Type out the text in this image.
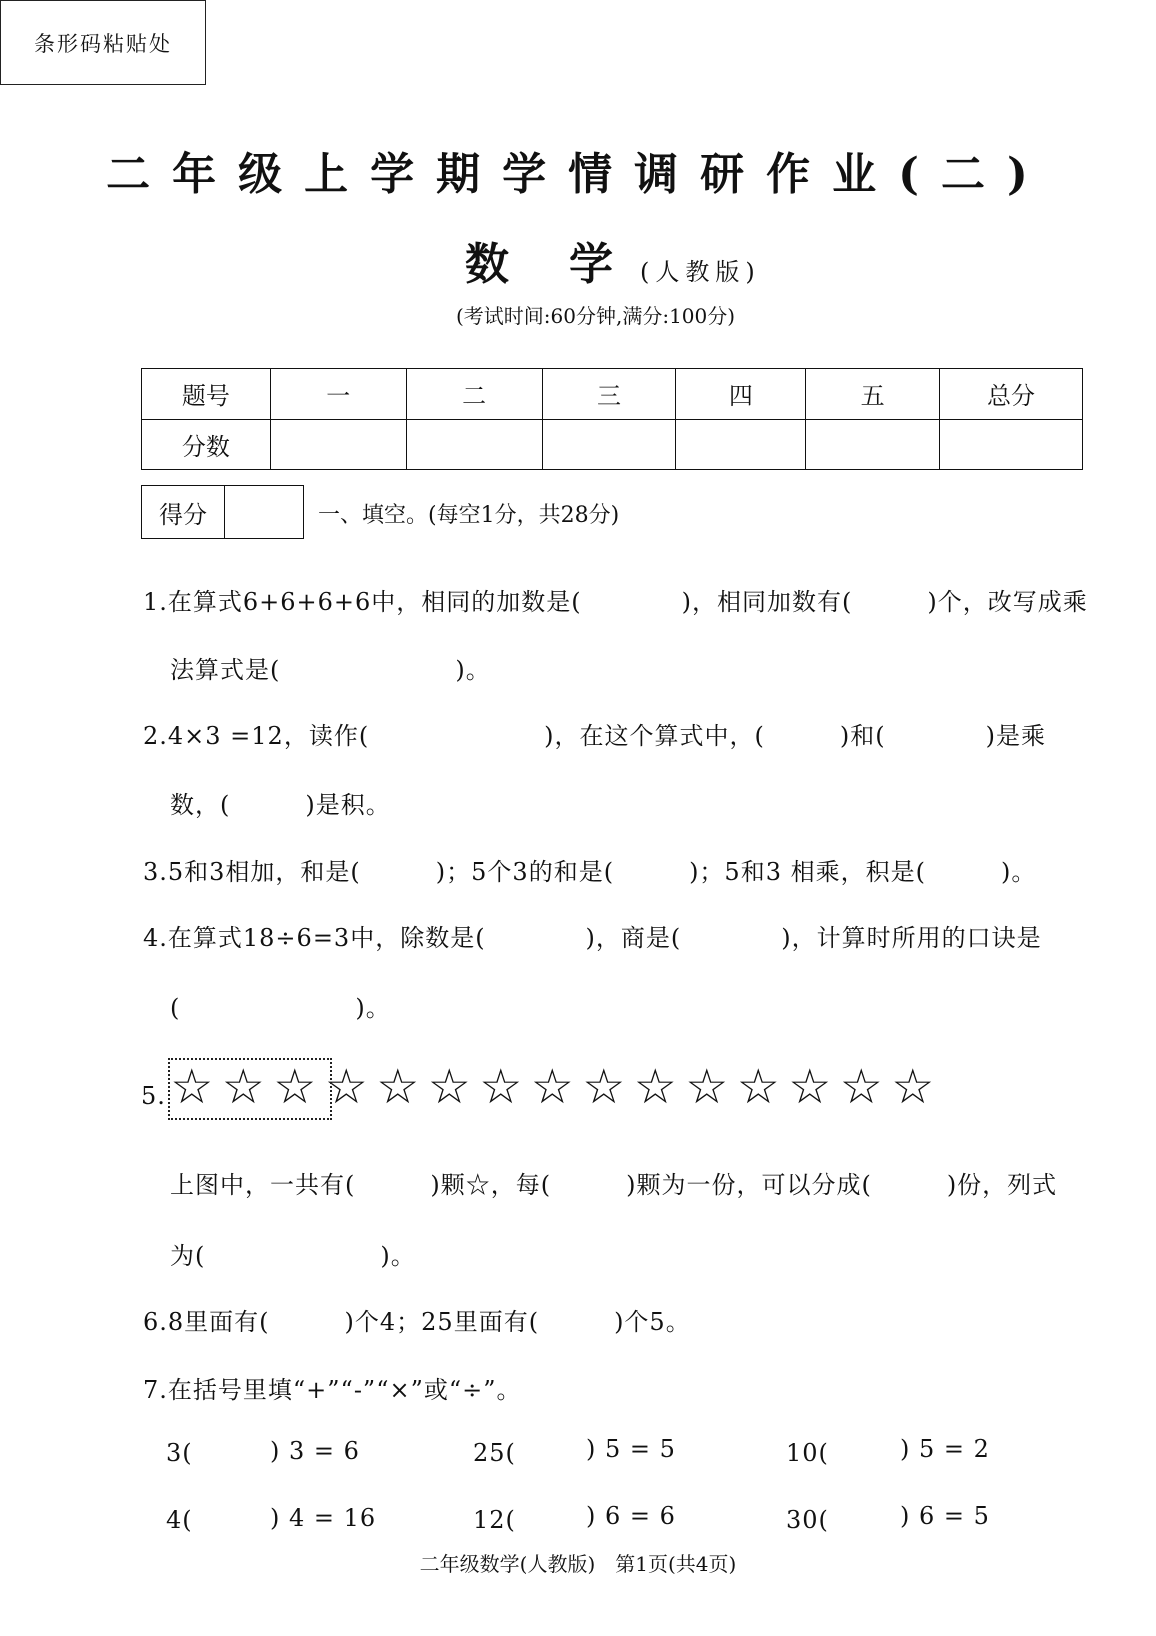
二年级上学期学情调研作业(二)
数学
(人教版)
(考试时间:60分钟,满分:100分)
条形码粘贴处
题号	一	二	三	四	五	总分
分数						
得分	一、填空。(每空1分，共28分)
1.在算式6+6+6+6中，相同的加数是(　　　　)，相同加数有(　　　)个，改写成乘
法算式是(　　　　　　　)。
2.4×3 =12，读作(　　　　　　　)，在这个算式中，(　　　)和(　　　　)是乘
数，(　　　)是积。
3.5和3相加，和是(　　　)；5个3的和是(　　　)；5和3 相乘，积是(　　　)。
4.在算式18÷6=3中，除数是(　　　　)，商是(　　　　)，计算时所用的口诀是
(　　　　　　　)。
5. ☆ ☆ ☆ ☆ ☆ ☆ ☆ ☆ ☆ ☆ ☆ ☆ ☆ ☆ ☆
上图中，一共有(　　　)颗☆，每(　　　)颗为一份，可以分成(　　　)份，列式
为(　　　　　　　)。
6.8里面有(　　　)个4；25里面有(　　　)个5。
7.在括号里填“+”“-”“×”或“÷”。
3(	) 3 = 6	25(	) 5 = 5	10(	) 5 = 2
4(	) 4 = 16	12(	) 6 = 6	30(	) 6 = 5
二年级数学(人教版)　第1页(共4页)
